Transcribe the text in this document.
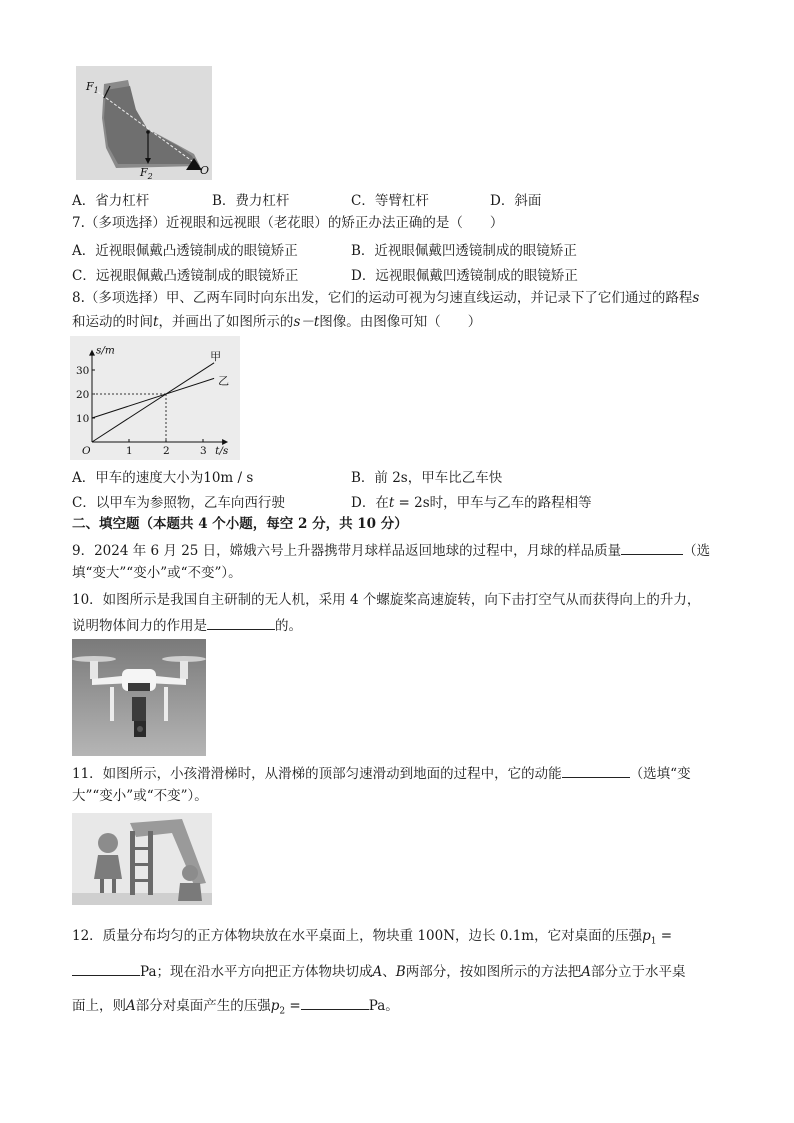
$F_1$
$F_2$	O
A．省力杠杆	B．费力杠杆	C．等臂杠杆	D．斜面
7.（多项选择）近视眼和远视眼（老花眼）的矫正办法正确的是（　　）
A．近视眼佩戴凸透镜制成的眼镜矫正	B．近视眼佩戴凹透镜制成的眼镜矫正
C．远视眼佩戴凸透镜制成的眼镜矫正	D．远视眼佩戴凹透镜制成的眼镜矫正
8.（多项选择）甲、乙两车同时向东出发，它们的运动可视为匀速直线运动，并记录下了它们通过的路程s
和运动的时间t，并画出了如图所示的s－t图像。由图像可知（　　）
1	2	3
O
10
20
30
甲
乙
s/m
t/s
A．甲车的速度大小为10m / s	B．前 2s，甲车比乙车快
C．以甲车为参照物，乙车向西行驶	D．在t = 2s时，甲车与乙车的路程相等
二、填空题（本题共 4 个小题，每空 2 分，共 10 分）
9．2024 年 6 月 25 日，嫦娥六号上升器携带月球样品返回地球的过程中，月球的样品质量	（选
填“变大”“变小”或“不变”）。
10．如图所示是我国自主研制的无人机，采用 4 个螺旋桨高速旋转，向下击打空气从而获得向上的升力，
说明物体间力的作用是	的。
11．如图所示，小孩滑滑梯时，从滑梯的顶部匀速滑动到地面的过程中，它的动能	（选填“变
大”“变小”或“不变”）。
12．质量分布均匀的正方体物块放在水平桌面上，物块重 100N，边长 0.1m，它对桌面的压强$p_1$ =
Pa；现在沿水平方向把正方体物块切成A、B两部分，按如图所示的方法把A部分立于水平桌
面上，则A部分对桌面产生的压强$p_2$ =	Pa。
